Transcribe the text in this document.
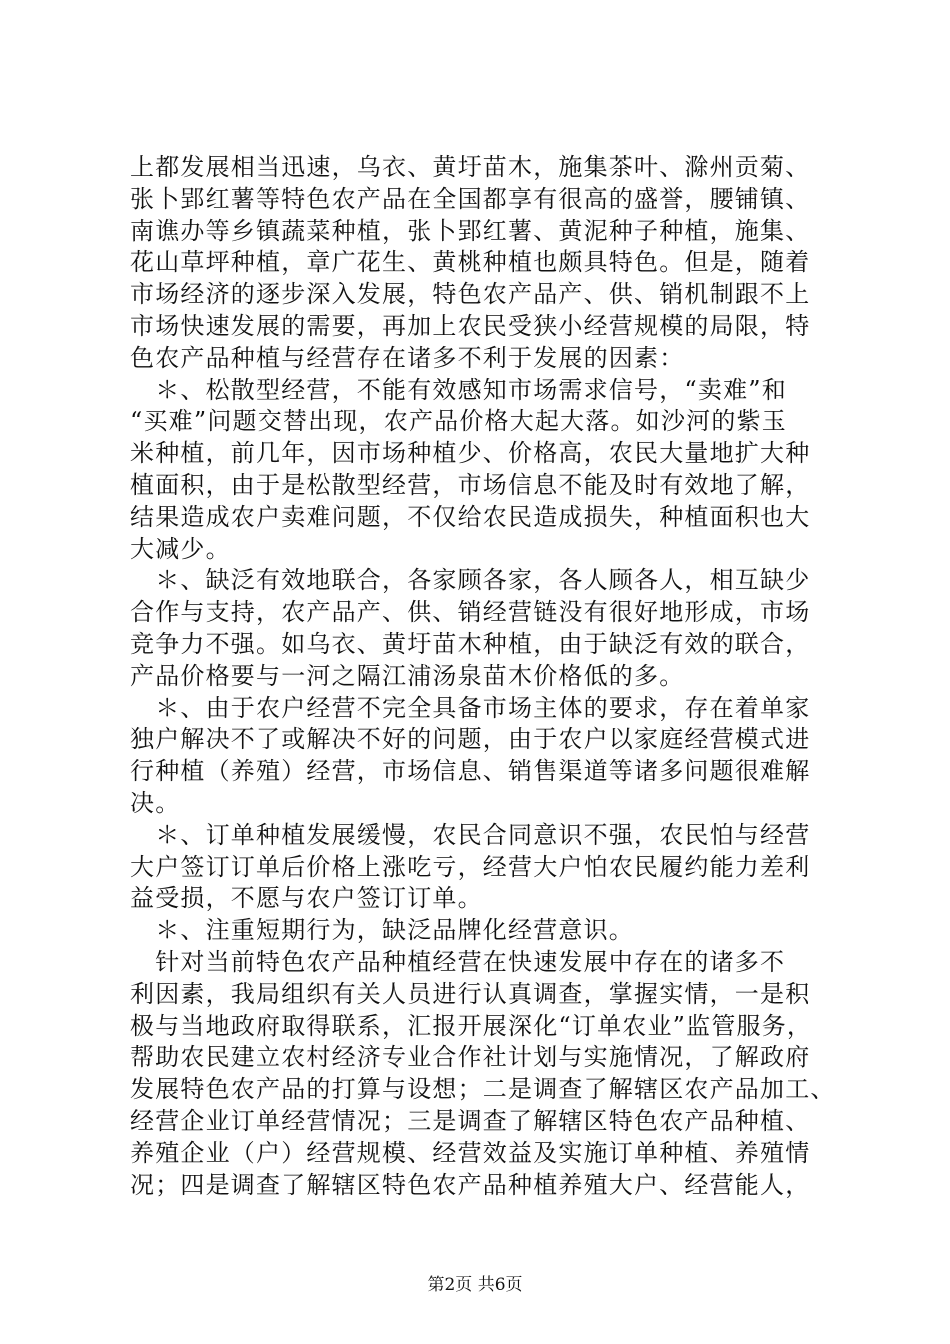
上都发展相当迅速，乌衣、黄圩苗木，施集茶叶、滁州贡菊、
张卜郢红薯等特色农产品在全国都享有很高的盛誉，腰铺镇、
南谯办等乡镇蔬菜种植，张卜郢红薯、黄泥种子种植，施集、
花山草坪种植，章广花生、黄桃种植也颇具特色。但是，随着
市场经济的逐步深入发展，特色农产品产、供、销机制跟不上
市场快速发展的需要，再加上农民受狭小经营规模的局限，特
色农产品种植与经营存在诸多不利于发展的因素：
　＊、松散型经营，不能有效感知市场需求信号，“卖难”和
“买难”问题交替出现，农产品价格大起大落。如沙河的紫玉
米种植，前几年，因市场种植少、价格高，农民大量地扩大种
植面积，由于是松散型经营，市场信息不能及时有效地了解，
结果造成农户卖难问题，不仅给农民造成损失，种植面积也大
大减少。
　＊、缺泛有效地联合，各家顾各家，各人顾各人，相互缺少
合作与支持，农产品产、供、销经营链没有很好地形成，市场
竞争力不强。如乌衣、黄圩苗木种植，由于缺泛有效的联合，
产品价格要与一河之隔江浦汤泉苗木价格低的多。
　＊、由于农户经营不完全具备市场主体的要求，存在着单家
独户解决不了或解决不好的问题，由于农户以家庭经营模式进
行种植（养殖）经营，市场信息、销售渠道等诸多问题很难解
决。
　＊、订单种植发展缓慢，农民合同意识不强，农民怕与经营
大户签订订单后价格上涨吃亏，经营大户怕农民履约能力差利
益受损，不愿与农户签订订单。
　＊、注重短期行为，缺泛品牌化经营意识。
　针对当前特色农产品种植经营在快速发展中存在的诸多不
利因素，我局组织有关人员进行认真调查，掌握实情，一是积
极与当地政府取得联系，汇报开展深化“订单农业”监管服务，
帮助农民建立农村经济专业合作社计划与实施情况，了解政府
发展特色农产品的打算与设想；二是调查了解辖区农产品加工、
经营企业订单经营情况；三是调查了解辖区特色农产品种植、
养殖企业（户）经营规模、经营效益及实施订单种植、养殖情
况；四是调查了解辖区特色农产品种植养殖大户、经营能人，
第2页 共6页
